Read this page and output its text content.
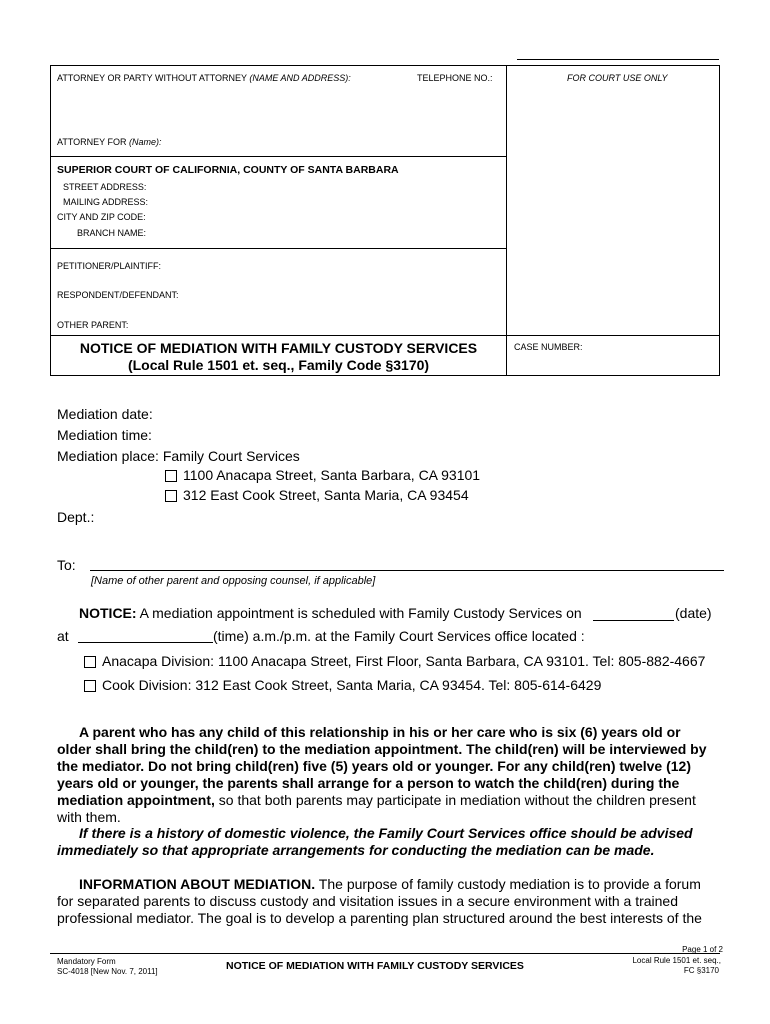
ATTORNEY OR PARTY WITHOUT ATTORNEY (NAME AND ADDRESS):	TELEPHONE NO.:	FOR COURT USE ONLY
ATTORNEY FOR (Name):
SUPERIOR COURT OF CALIFORNIA, COUNTY OF SANTA BARBARA
STREET ADDRESS:
MAILING ADDRESS:
CITY AND ZIP CODE:
BRANCH NAME:
PETITIONER/PLAINTIFF:
RESPONDENT/DEFENDANT:
OTHER PARENT:
NOTICE OF MEDIATION WITH FAMILY CUSTODY SERVICES
(Local Rule 1501 et. seq., Family Code §3170)
CASE NUMBER:
Mediation date:
Mediation time:
Mediation place: Family Court Services
1100 Anacapa Street, Santa Barbara, CA 93101
312 East Cook Street, Santa Maria, CA 93454
Dept.:
To:
[Name of other parent and opposing counsel, if applicable]
NOTICE: A mediation appointment is scheduled with Family Custody Services on	(date)
at	(time) a.m./p.m. at the Family Court Services office located :
Anacapa Division: 1100 Anacapa Street, First Floor, Santa Barbara, CA 93101. Tel: 805-882-4667
Cook Division: 312 East Cook Street, Santa Maria, CA 93454. Tel: 805-614-6429
A parent who has any child of this relationship in his or her care who is six (6) years old or older shall bring the child(ren) to the mediation appointment. The child(ren) will be interviewed by the mediator. Do not bring child(ren) five (5) years old or younger. For any child(ren) twelve (12) years old or younger, the parents shall arrange for a person to watch the child(ren) during the mediation appointment, so that both parents may participate in mediation without the children present with them.
If there is a history of domestic violence, the Family Court Services office should be advised immediately so that appropriate arrangements for conducting the mediation can be made.
INFORMATION ABOUT MEDIATION. The purpose of family custody mediation is to provide a forum for separated parents to discuss custody and visitation issues in a secure environment with a trained professional mediator. The goal is to develop a parenting plan structured around the best interests of the
Page 1 of 2
Mandatory Form
SC-4018 [New Nov. 7, 2011]	NOTICE OF MEDIATION WITH FAMILY CUSTODY SERVICES	Local Rule 1501 et. seq.,
FC §3170
